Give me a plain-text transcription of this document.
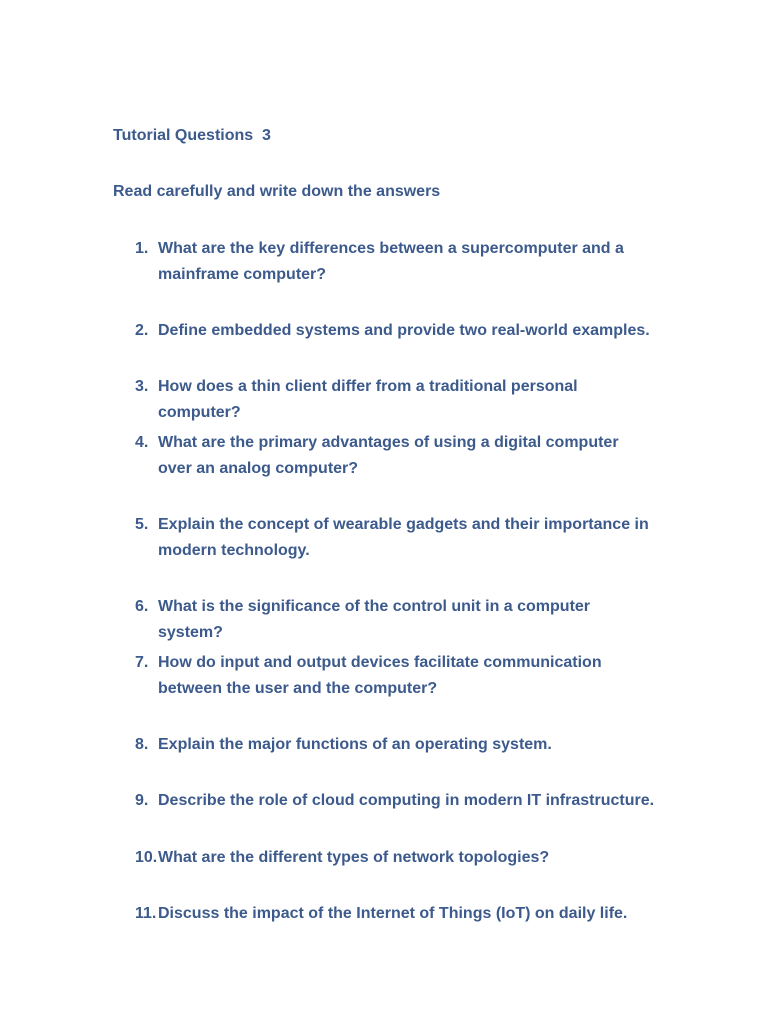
Tutorial Questions  3
Read carefully and write down the answers
1. What are the key differences between a supercomputer and a mainframe computer?
2. Define embedded systems and provide two real-world examples.
3. How does a thin client differ from a traditional personal computer?
4. What are the primary advantages of using a digital computer over an analog computer?
5. Explain the concept of wearable gadgets and their importance in modern technology.
6. What is the significance of the control unit in a computer system?
7. How do input and output devices facilitate communication between the user and the computer?
8. Explain the major functions of an operating system.
9. Describe the role of cloud computing in modern IT infrastructure.
10. What are the different types of network topologies?
11. Discuss the impact of the Internet of Things (IoT) on daily life.
